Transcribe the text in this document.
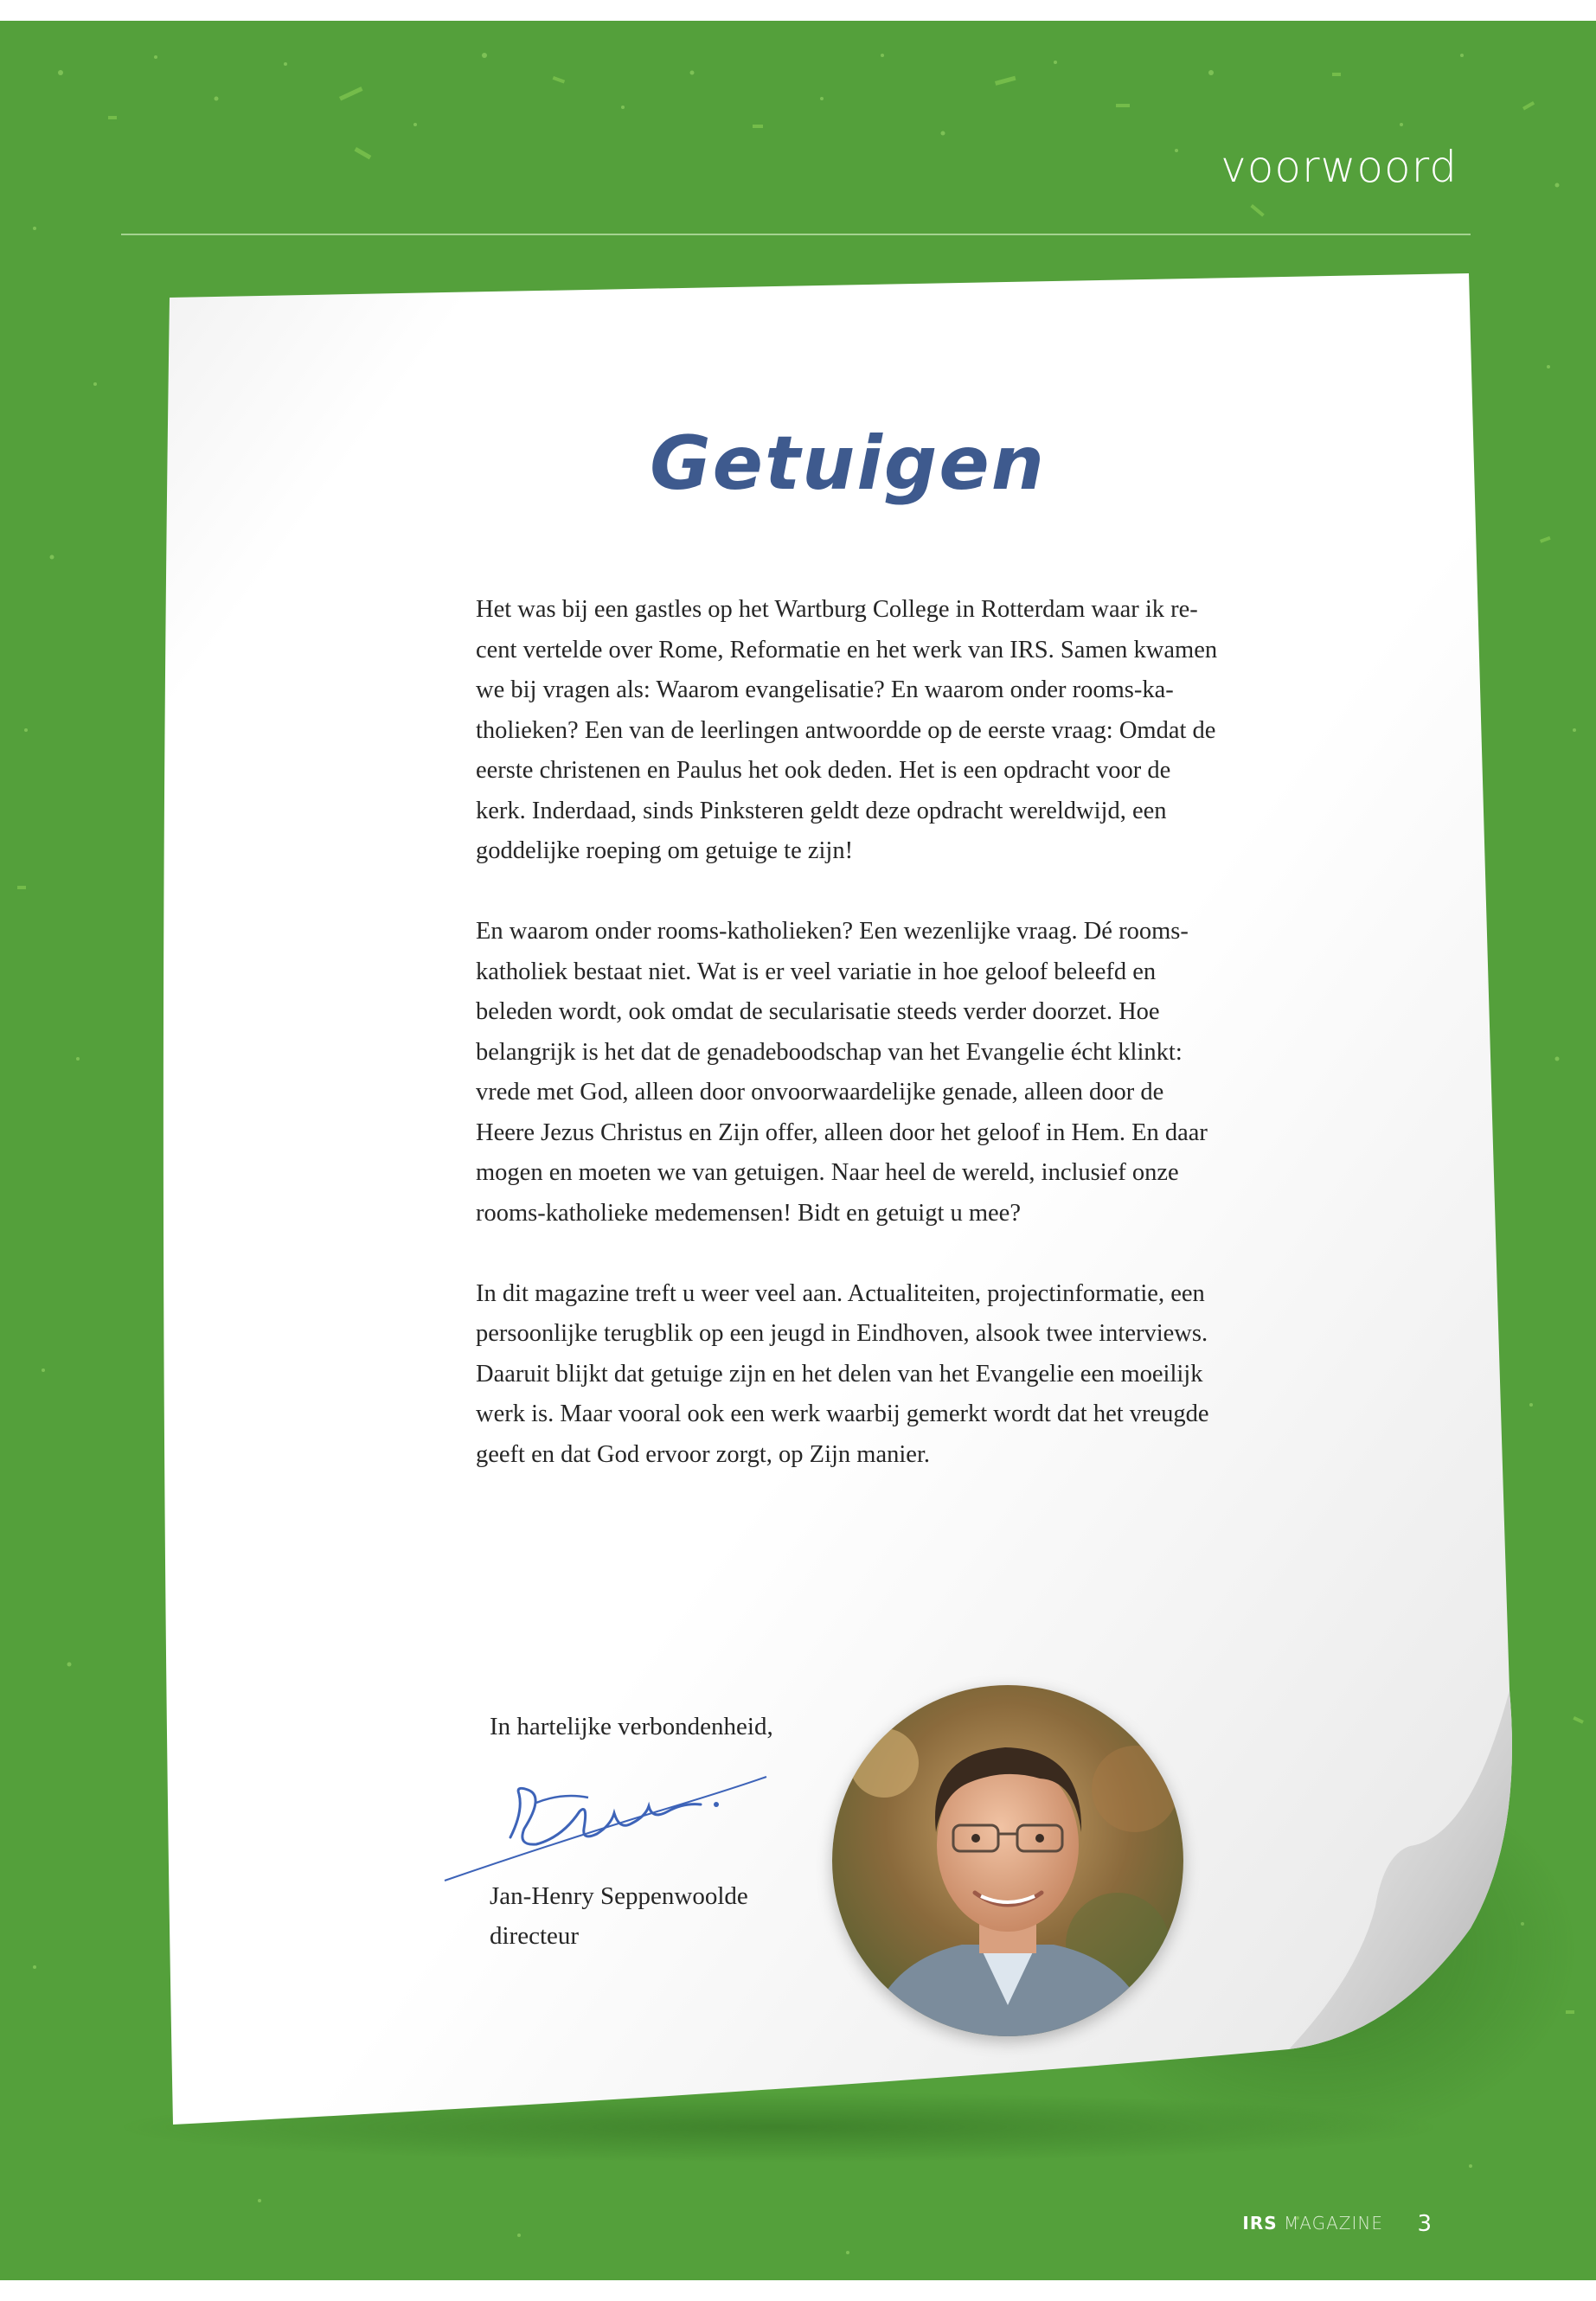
voorwoord
Getuigen

Het was bij een gastles op het Wartburg College in Rotterdam waar ik re- cent vertelde over Rome, Reformatie en het werk van IRS. Samen kwamen we bij vragen als: Waarom evangelisatie? En waarom onder rooms-ka- tholieken? Een van de leerlingen antwoordde op de eerste vraag: Omdat de eerste christenen en Paulus het ook deden. Het is een opdracht voor de kerk. Inderdaad, sinds Pinksteren geldt deze opdracht wereldwijd, een goddelijke roeping om getuige te zijn!

En waarom onder rooms-katholieken? Een wezenlijke vraag. Dé rooms-katholiek bestaat niet. Wat is er veel variatie in hoe geloof beleefd en beleden wordt, ook omdat de secularisatie steeds verder doorzet. Hoe belangrijk is het dat de genadeboodschap van het Evangelie écht klinkt: vrede met God, alleen door onvoorwaardelijke genade, alleen door de Heere Jezus Christus en Zijn offer, alleen door het geloof in Hem. En daar mogen en moeten we van getuigen. Naar heel de wereld, inclusief onze rooms-katholieke medemensen! Bidt en getuigt u mee?

In dit magazine treft u weer veel aan. Actualiteiten, projectinformatie, een persoonlijke terugblik op een jeugd in Eindhoven, alsook twee interviews. Daaruit blijkt dat getuige zijn en het delen van het Evangelie een moeilijk werk is. Maar vooral ook een werk waarbij gemerkt wordt dat het vreugde geeft en dat God ervoor zorgt, op Zijn manier.

In hartelijke verbondenheid,

Jan-Henry Seppenwoolde
directeur
IRS MAGAZINE 3
